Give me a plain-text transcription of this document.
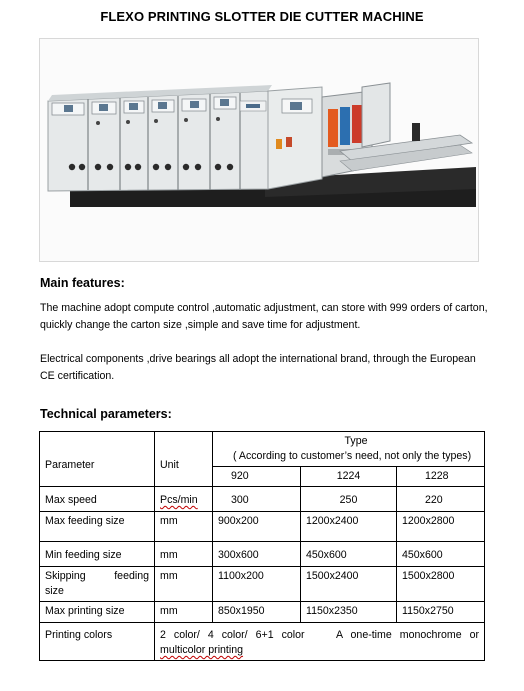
FLEXO PRINTING SLOTTER DIE CUTTER MACHINE
Main features:
The machine adopt compute control ,automatic adjustment, can store with 999 orders of carton, quickly change the carton size ,simple and save time for adjustment.
Electrical components ,drive bearings all adopt the international brand, through the European CE certification.
Technical parameters:
Parameter	Unit	Type
( According to customer’s need, not only the types)		

		920	1224	1228
Max speed	Pcs/min	300	250	220
Max feeding size	mm	900x200	1200x2400	1200x2800
Min feeding size	mm	300x600	450x600	450x600

Skipping feeding
size	mm	1100x200	1500x2400	1500x2800
Max printing size	mm	850x1950	1150x2350	1150x2750
Printing colors	2 color/ 4 color/ 6+1 color    A one-time monochrome or
multicolor printing			
